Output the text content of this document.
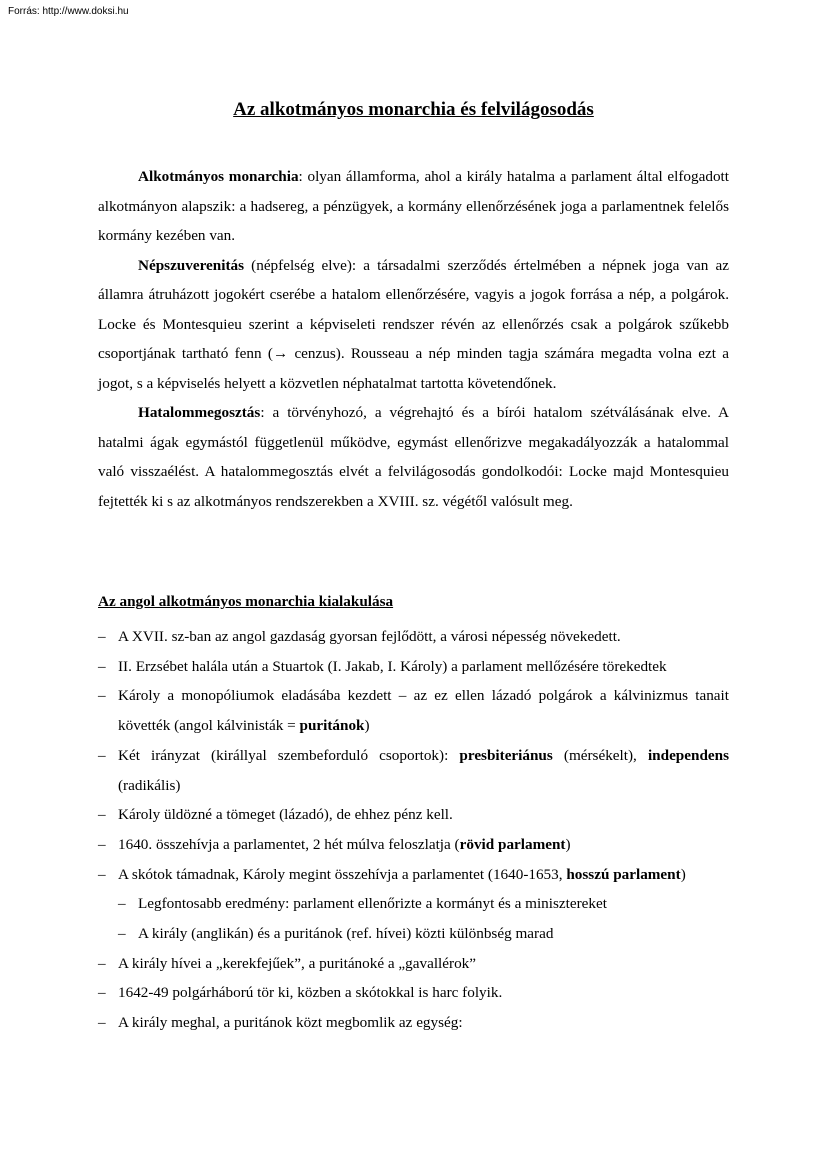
Forrás: http://www.doksi.hu
Az alkotmányos monarchia és felvilágosodás

Alkotmányos monarchia: olyan államforma, ahol a király hatalma a parlament által elfogadott alkotmányon alapszik: a hadsereg, a pénzügyek, a kormány ellenőrzésének joga a parlamentnek felelős kormány kezében van.

Népszuverenitás (népfelség elve): a társadalmi szerződés értelmében a népnek joga van az államra átruházott jogokért cserébe a hatalom ellenőrzésére, vagyis a jogok forrása a nép, a polgárok. Locke és Montesquieu szerint a képviseleti rendszer révén az ellenőrzés csak a polgárok szűkebb csoportjának tartható fenn (→ cenzus). Rousseau a nép minden tagja számára megadta volna ezt a jogot, s a képviselés helyett a közvetlen néphatalmat tartotta követendőnek.

Hatalommegosztás: a törvényhozó, a végrehajtó és a bírói hatalom szétválásának elve. A hatalmi ágak egymástól függetlenül működve, egymást ellenőrizve megakadályozzák a hatalommal való visszaélést. A hatalommegosztás elvét a felvilágosodás gondolkodói: Locke majd Montesquieu fejtették ki s az alkotmányos rendszerekben a XVIII. sz. végétől valósult meg.

Az angol alkotmányos monarchia kialakulása
– A XVII. sz-ban az angol gazdaság gyorsan fejlődött, a városi népesség növekedett.
– II. Erzsébet halála után a Stuartok (I. Jakab, I. Károly) a parlament mellőzésére törekedtek
– Károly a monopóliumok eladásába kezdett – az ez ellen lázadó polgárok a kálvinizmus tanait követték (angol kálvinisták = puritánok)
– Két irányzat (királlyal szembeforduló csoportok): presbiteriánus (mérsékelt), independens (radikális)
– Károly üldözné a tömeget (lázadó), de ehhez pénz kell.
– 1640. összehívja a parlamentet, 2 hét múlva feloszlatja (rövid parlament)
– A skótok támadnak, Károly megint összehívja a parlamentet (1640-1653, hosszú parlament)
– Legfontosabb eredmény: parlament ellenőrizte a kormányt és a minisztereket
– A király (anglikán) és a puritánok (ref. hívei) közti különbség marad
– A király hívei a „kerekfejűek”, a puritánoké a „gavallérok”
– 1642-49 polgárháború tör ki, közben a skótokkal is harc folyik.
– A király meghal, a puritánok közt megbomlik az egység:
